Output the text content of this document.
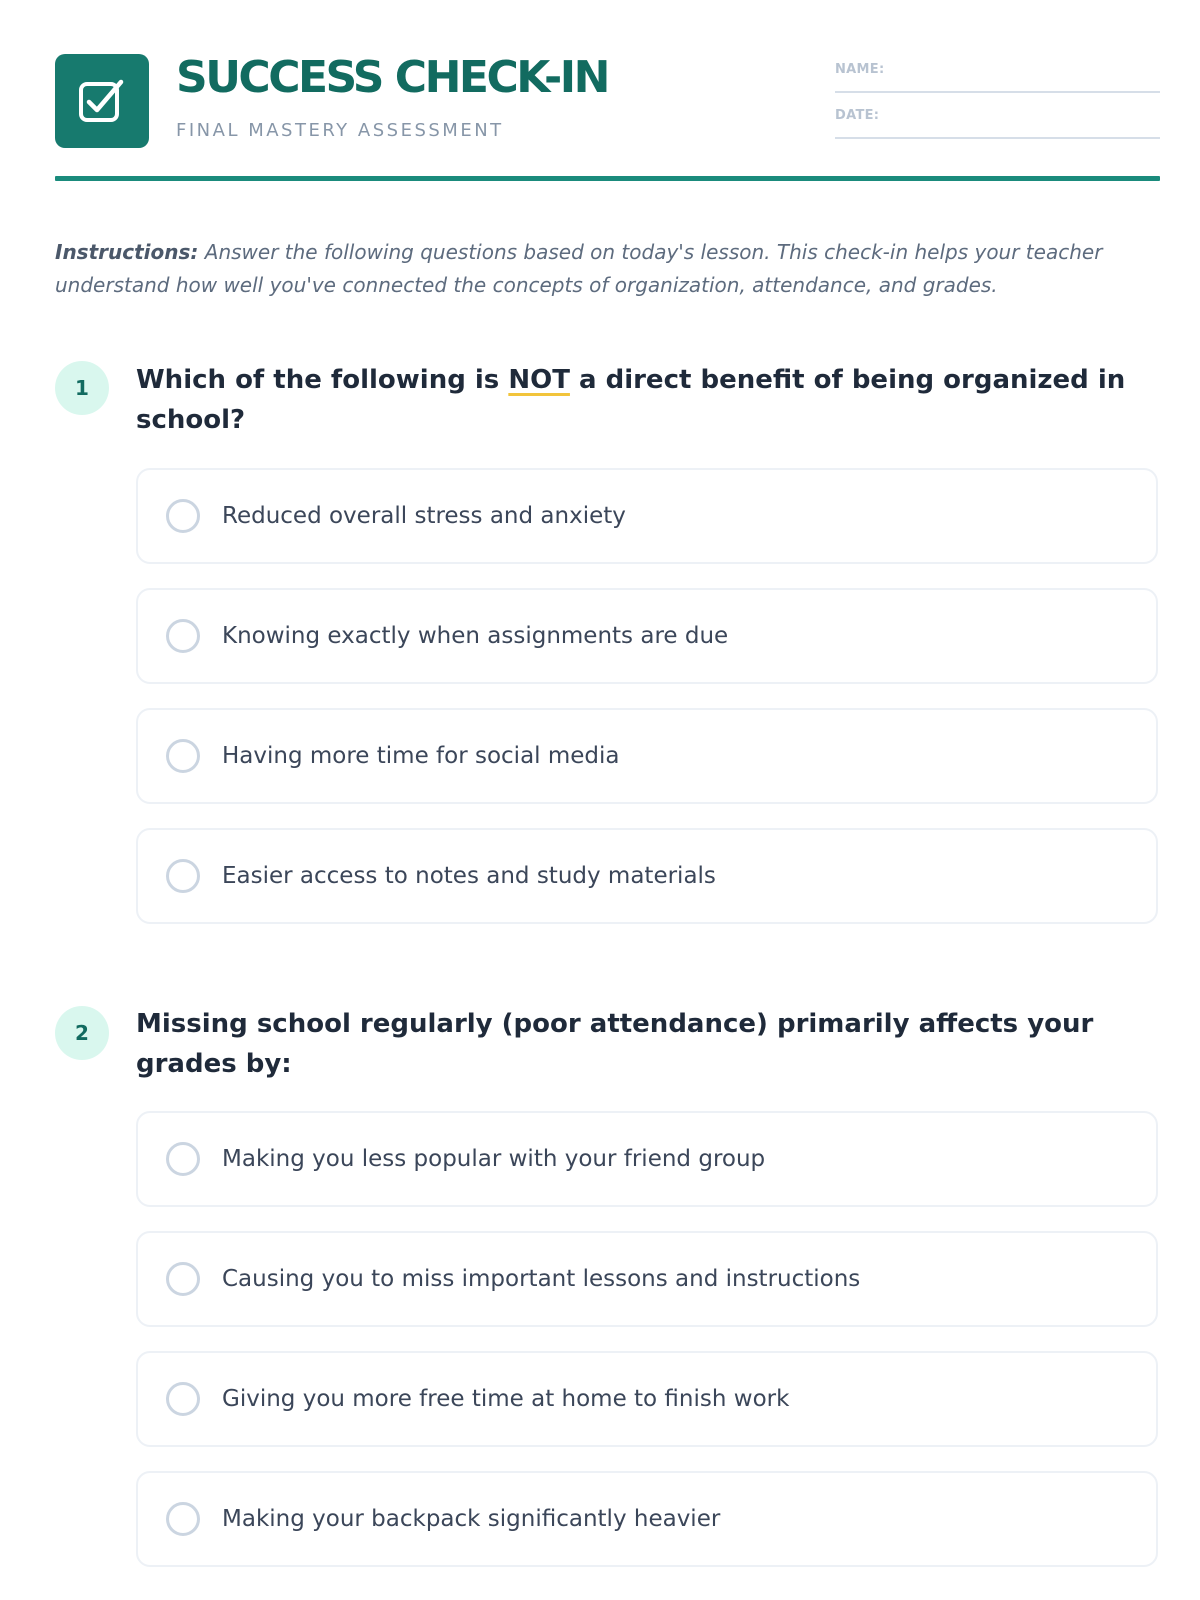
SUCCESS CHECK-IN
FINAL MASTERY ASSESSMENT
NAME:
DATE:
Instructions: Answer the following questions based on today's lesson. This check-in helps your teacher understand how well you've connected the concepts of organization, attendance, and grades.
1	Which of the following is NOT a direct benefit of being organized in school?
Reduced overall stress and anxiety
Knowing exactly when assignments are due
Having more time for social media
Easier access to notes and study materials
2	Missing school regularly (poor attendance) primarily affects your grades by:
Making you less popular with your friend group
Causing you to miss important lessons and instructions
Giving you more free time at home to finish work
Making your backpack significantly heavier
